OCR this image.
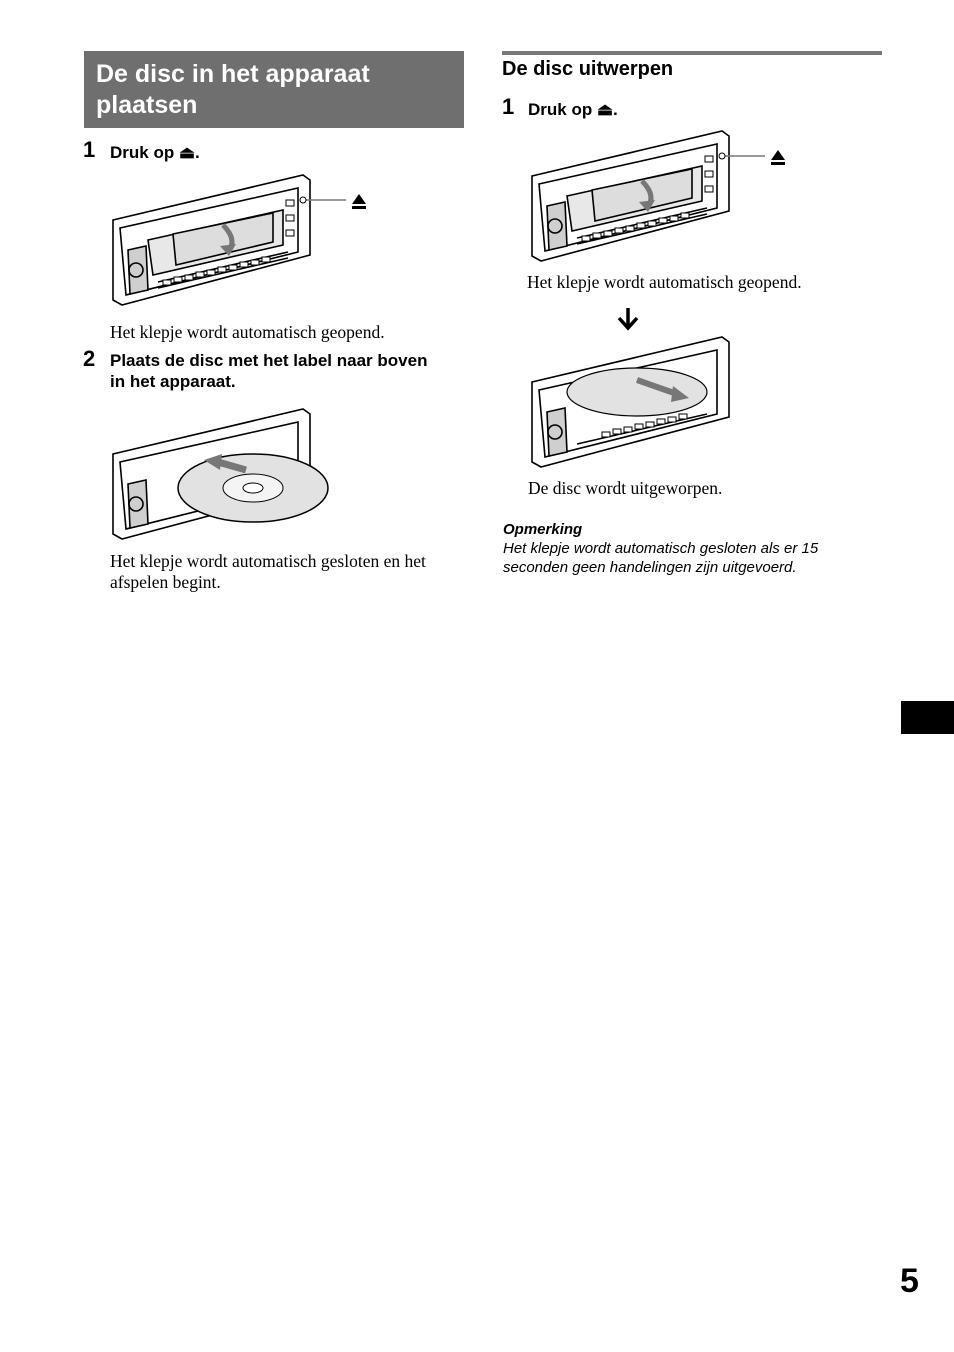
De disc in het apparaat plaatsen
1 Druk op ⏏.
Het klepje wordt automatisch geopend.
2 Plaats de disc met het label naar boven in het apparaat.
Het klepje wordt automatisch gesloten en het afspelen begint.
De disc uitwerpen
1 Druk op ⏏.
Het klepje wordt automatisch geopend.
De disc wordt uitgeworpen.
Opmerking
Het klepje wordt automatisch gesloten als er 15 seconden geen handelingen zijn uitgevoerd.
5
